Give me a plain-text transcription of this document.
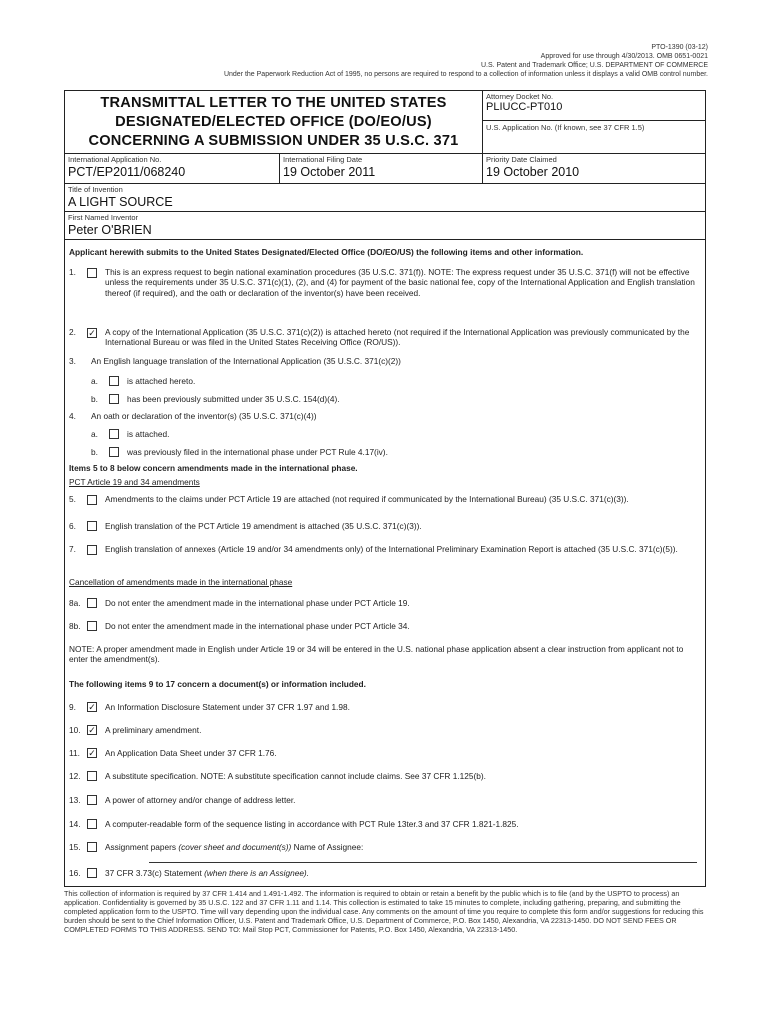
PTO-1390 (03-12)
Approved for use through 4/30/2013. OMB 0651-0021
U.S. Patent and Trademark Office; U.S. DEPARTMENT OF COMMERCE
Under the Paperwork Reduction Act of 1995, no persons are required to respond to a collection of information unless it displays a valid OMB control number.
TRANSMITTAL LETTER TO THE UNITED STATES
DESIGNATED/ELECTED OFFICE (DO/EO/US)
CONCERNING A SUBMISSION UNDER 35 U.S.C. 371
Attorney Docket No.
PLIUCC-PT010
U.S. Application No. (If known, see 37 CFR 1.5)
International Application No.
PCT/EP2011/068240
International Filing Date
19 October 2011
Priority Date Claimed
19 October 2010
Title of Invention
A LIGHT SOURCE
First Named Inventor
Peter O'BRIEN
Applicant herewith submits to the United States Designated/Elected Office (DO/EO/US) the following items and other information.
1.	This is an express request to begin national examination procedures (35 U.S.C. 371(f)). NOTE: The express request under 35 U.S.C. 371(f) will not be effective unless the requirements under 35 U.S.C. 371(c)(1), (2), and (4) for payment of the basic national fee, copy of the International Application and English translation thereof (if required), and the oath or declaration of the inventor(s) have been received.
2. ✓ A copy of the International Application (35 U.S.C. 371(c)(2)) is attached hereto (not required if the International Application was previously communicated by the International Bureau or was filed in the United States Receiving Office (RO/US)).
3. An English language translation of the International Application (35 U.S.C. 371(c)(2))
a.	is attached hereto.
b.	has been previously submitted under 35 U.S.C. 154(d)(4).
4. An oath or declaration of the inventor(s) (35 U.S.C. 371(c)(4))
a.	is attached.
b.	was previously filed in the international phase under PCT Rule 4.17(iv).
Items 5 to 8 below concern amendments made in the international phase.
PCT Article 19 and 34 amendments
5.	Amendments to the claims under PCT Article 19 are attached (not required if communicated by the International Bureau) (35 U.S.C. 371(c)(3)).
6.	English translation of the PCT Article 19 amendment is attached (35 U.S.C. 371(c)(3)).
7.	English translation of annexes (Article 19 and/or 34 amendments only) of the International Preliminary Examination Report is attached (35 U.S.C. 371(c)(5)).
Cancellation of amendments made in the international phase
8a.	Do not enter the amendment made in the international phase under PCT Article 19.
8b.	Do not enter the amendment made in the international phase under PCT Article 34.
NOTE: A proper amendment made in English under Article 19 or 34 will be entered in the U.S. national phase application absent a clear instruction from applicant not to enter the amendment(s).
The following items 9 to 17 concern a document(s) or information included.
9. ✓ An Information Disclosure Statement under 37 CFR 1.97 and 1.98.
10. ✓ A preliminary amendment.
11. ✓ An Application Data Sheet under 37 CFR 1.76.
12.	A substitute specification. NOTE: A substitute specification cannot include claims. See 37 CFR 1.125(b).
13.	A power of attorney and/or change of address letter.
14.	A computer-readable form of the sequence listing in accordance with PCT Rule 13ter.3 and 37 CFR 1.821-1.825.
15.	Assignment papers (cover sheet and document(s)) Name of Assignee:
16.	37 CFR 3.73(c) Statement (when there is an Assignee).
This collection of information is required by 37 CFR 1.414 and 1.491-1.492. The information is required to obtain or retain a benefit by the public which is to file (and by the USPTO to process) an application. Confidentiality is governed by 35 U.S.C. 122 and 37 CFR 1.11 and 1.14. This collection is estimated to take 15 minutes to complete, including gathering, preparing, and submitting the completed application form to the USPTO. Time will vary depending upon the individual case. Any comments on the amount of time you require to complete this form and/or suggestions for reducing this burden should be sent to the Chief Information Officer, U.S. Patent and Trademark Office, U.S. Department of Commerce, P.O. Box 1450, Alexandria, VA 22313-1450. DO NOT SEND FEES OR COMPLETED FORMS TO THIS ADDRESS. SEND TO: Mail Stop PCT, Commissioner for Patents, P.O. Box 1450, Alexandria, VA 22313-1450.
